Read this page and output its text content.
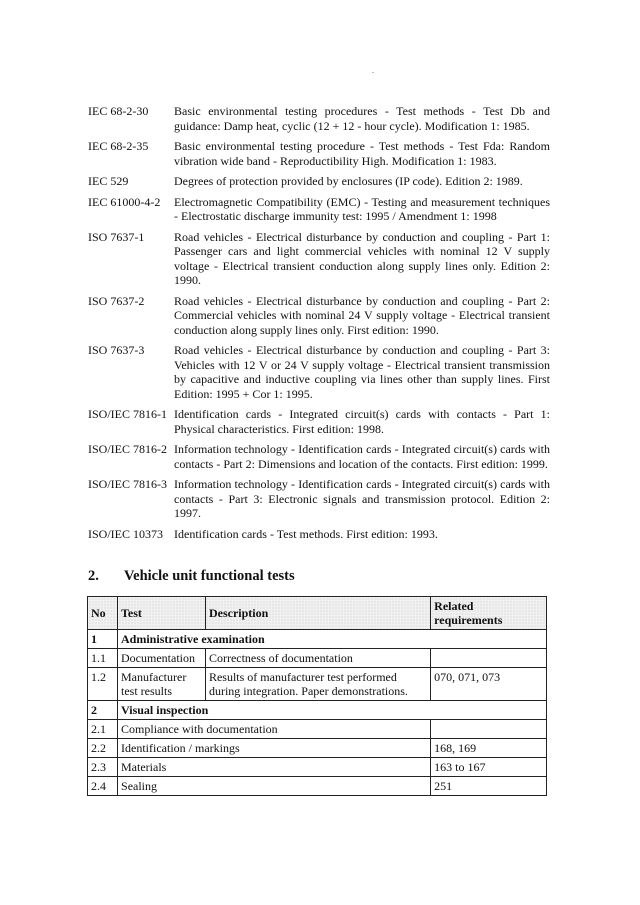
IEC 68-2-30	Basic environmental testing procedures - Test methods - Test Db and guidance: Damp heat, cyclic (12 + 12 - hour cycle). Modification 1: 1985.
IEC 68-2-35	Basic environmental testing procedure - Test methods - Test Fda: Random vibration wide band - Reproductibility High. Modification 1: 1983.
IEC 529	Degrees of protection provided by enclosures (IP code). Edition 2: 1989.
IEC 61000-4-2	Electromagnetic Compatibility (EMC) - Testing and measurement techniques - Electrostatic discharge immunity test: 1995 / Amendment 1: 1998
ISO 7637-1	Road vehicles - Electrical disturbance by conduction and coupling - Part 1: Passenger cars and light commercial vehicles with nominal 12 V supply voltage - Electrical transient conduction along supply lines only. Edition 2: 1990.
ISO 7637-2	Road vehicles - Electrical disturbance by conduction and coupling - Part 2: Commercial vehicles with nominal 24 V supply voltage - Electrical transient conduction along supply lines only. First edition: 1990.
ISO 7637-3	Road vehicles - Electrical disturbance by conduction and coupling - Part 3: Vehicles with 12 V or 24 V supply voltage - Electrical transient transmission by capacitive and inductive coupling via lines other than supply lines. First Edition: 1995 + Cor 1: 1995.
ISO/IEC 7816-1 Identification cards - Integrated circuit(s) cards with contacts - Part 1: Physical characteristics. First edition: 1998.
ISO/IEC 7816-2 Information technology - Identification cards - Integrated circuit(s) cards with contacts - Part 2: Dimensions and location of the contacts. First edition: 1999.
ISO/IEC 7816-3 Information technology - Identification cards - Integrated circuit(s) cards with contacts - Part 3: Electronic signals and transmission protocol. Edition 2: 1997.
ISO/IEC 10373 Identification cards - Test methods. First edition: 1993.
2.	Vehicle unit functional tests
No	Test	Description	Related requirements
1	Administrative examination		
1.1	Documentation	Correctness of documentation	
1.2	Manufacturer test results	Results of manufacturer test performed during integration. Paper demonstrations.	070, 071, 073
2	Visual inspection		
2.1	Compliance with documentation		
2.2	Identification / markings		168, 169
2.3	Materials		163 to 167
2.4	Sealing		251
